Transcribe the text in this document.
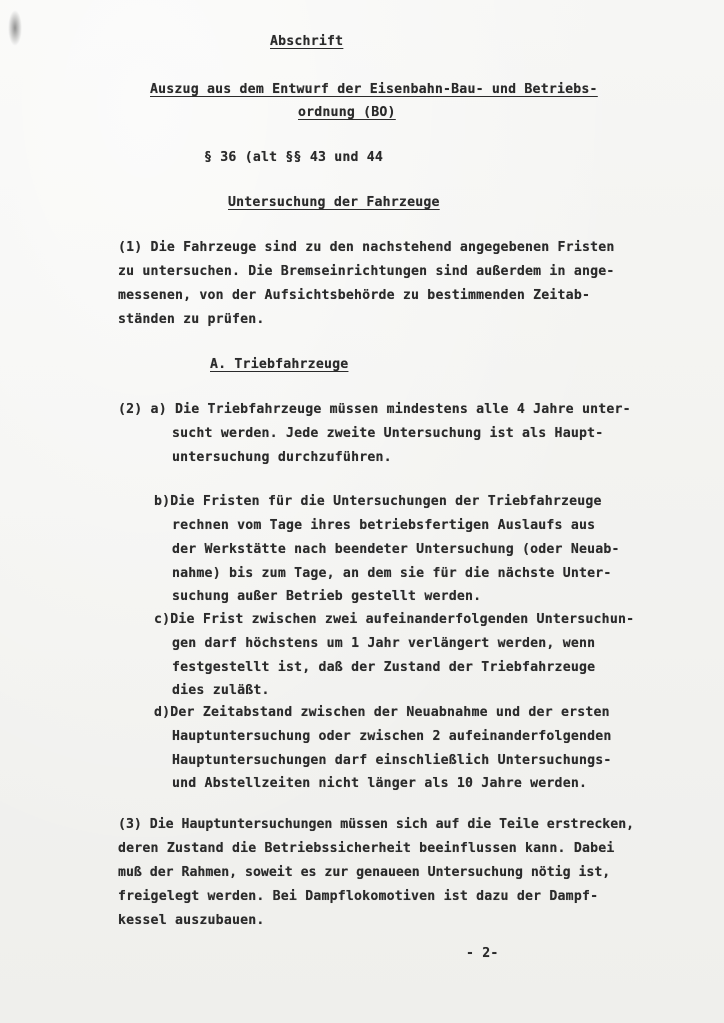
Abschrift
Auszug aus dem Entwurf der Eisenbahn-Bau- und Betriebs-
ordnung (BO)
§ 36 (alt §§ 43 und 44
Untersuchung der Fahrzeuge
(1) Die Fahrzeuge sind zu den nachstehend angegebenen Fristen
zu untersuchen. Die Bremseinrichtungen sind außerdem in ange-
messenen, von der Aufsichtsbehörde zu bestimmenden Zeitab-
ständen zu prüfen.
A. Triebfahrzeuge
(2) a) Die Triebfahrzeuge müssen mindestens alle 4 Jahre unter-
sucht werden. Jede zweite Untersuchung ist als Haupt-
untersuchung durchzuführen.
b)Die Fristen für die Untersuchungen der Triebfahrzeuge
rechnen vom Tage ihres betriebsfertigen Auslaufs aus
der Werkstätte nach beendeter Untersuchung (oder Neuab-
nahme) bis zum Tage, an dem sie für die nächste Unter-
suchung außer Betrieb gestellt werden.
c)Die Frist zwischen zwei aufeinanderfolgenden Untersuchun-
gen darf höchstens um 1 Jahr verlängert werden, wenn
festgestellt ist, daß der Zustand der Triebfahrzeuge
dies zuläßt.
d)Der Zeitabstand zwischen der Neuabnahme und der ersten
Hauptuntersuchung oder zwischen 2 aufeinanderfolgenden
Hauptuntersuchungen darf einschließlich Untersuchungs-
und Abstellzeiten nicht länger als 10 Jahre werden.
(3) Die Hauptuntersuchungen müssen sich auf die Teile erstrecken,
deren Zustand die Betriebssicherheit beeinflussen kann. Dabei
muß der Rahmen, soweit es zur genaueen Untersuchung nötig ist,
freigelegt werden. Bei Dampflokomotiven ist dazu der Dampf-
kessel auszubauen.
- 2-
